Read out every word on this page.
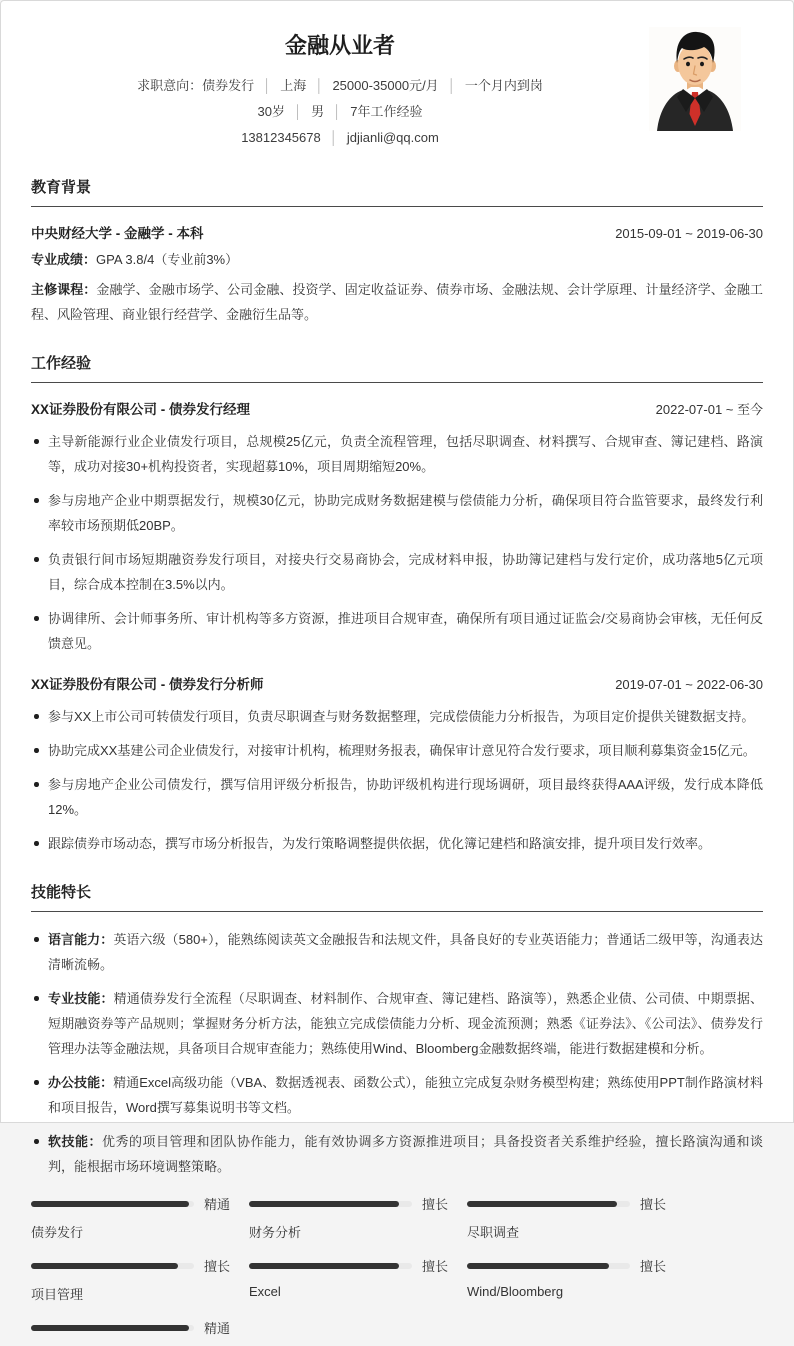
金融从业者
求职意向：债券发行 │ 上海 │ 25000-35000元/月 │ 一个月内到岗
30岁 │ 男 │ 7年工作经验
13812345678 │ jdjianli@qq.com
教育背景
中央财经大学 - 金融学 - 本科	2015-09-01 ~ 2019-06-30
专业成绩：GPA 3.8/4（专业前3%）
主修课程：金融学、金融市场学、公司金融、投资学、固定收益证券、债券市场、金融法规、会计学原理、计量经济学、金融工程、风险管理、商业银行经营学、金融衍生品等。
工作经验
XX证券股份有限公司 - 债券发行经理	2022-07-01 ~ 至今
主导新能源行业企业债发行项目，总规模25亿元，负责全流程管理，包括尽职调查、材料撰写、合规审查、簿记建档、路演等，成功对接30+机构投资者，实现超募10%，项目周期缩短20%。
参与房地产企业中期票据发行，规模30亿元，协助完成财务数据建模与偿债能力分析，确保项目符合监管要求，最终发行利率较市场预期低20BP。
负责银行间市场短期融资券发行项目，对接央行交易商协会，完成材料申报，协助簿记建档与发行定价，成功落地5亿元项目，综合成本控制在3.5%以内。
协调律所、会计师事务所、审计机构等多方资源，推进项目合规审查，确保所有项目通过证监会/交易商协会审核，无任何反馈意见。
XX证券股份有限公司 - 债券发行分析师	2019-07-01 ~ 2022-06-30
参与XX上市公司可转债发行项目，负责尽职调查与财务数据整理，完成偿债能力分析报告，为项目定价提供关键数据支持。
协助完成XX基建公司企业债发行，对接审计机构，梳理财务报表，确保审计意见符合发行要求，项目顺利募集资金15亿元。
参与房地产企业公司债发行，撰写信用评级分析报告，协助评级机构进行现场调研，项目最终获得AAA评级，发行成本降低12%。
跟踪债券市场动态，撰写市场分析报告，为发行策略调整提供依据，优化簿记建档和路演安排，提升项目发行效率。
技能特长
语言能力：英语六级（580+），能熟练阅读英文金融报告和法规文件，具备良好的专业英语能力；普通话二级甲等，沟通表达清晰流畅。
专业技能：精通债券发行全流程（尽职调查、材料制作、合规审查、簿记建档、路演等），熟悉企业债、公司债、中期票据、短期融资券等产品规则；掌握财务分析方法，能独立完成偿债能力分析、现金流预测；熟悉《证券法》、《公司法》、债券发行管理办法等金融法规，具备项目合规审查能力；熟练使用Wind、Bloomberg金融数据终端，能进行数据建模和分析。
办公技能：精通Excel高级功能（VBA、数据透视表、函数公式），能独立完成复杂财务模型构建；熟练使用PPT制作路演材料和项目报告，Word撰写募集说明书等文档。
软技能：优秀的项目管理和团队协作能力，能有效协调多方资源推进项目；具备投资者关系维护经验，擅长路演沟通和谈判，能根据市场环境调整策略。
精通
债券发行
擅长
财务分析
擅长
尽职调查
擅长
项目管理
擅长
Excel
擅长
Wind/Bloomberg
精通
